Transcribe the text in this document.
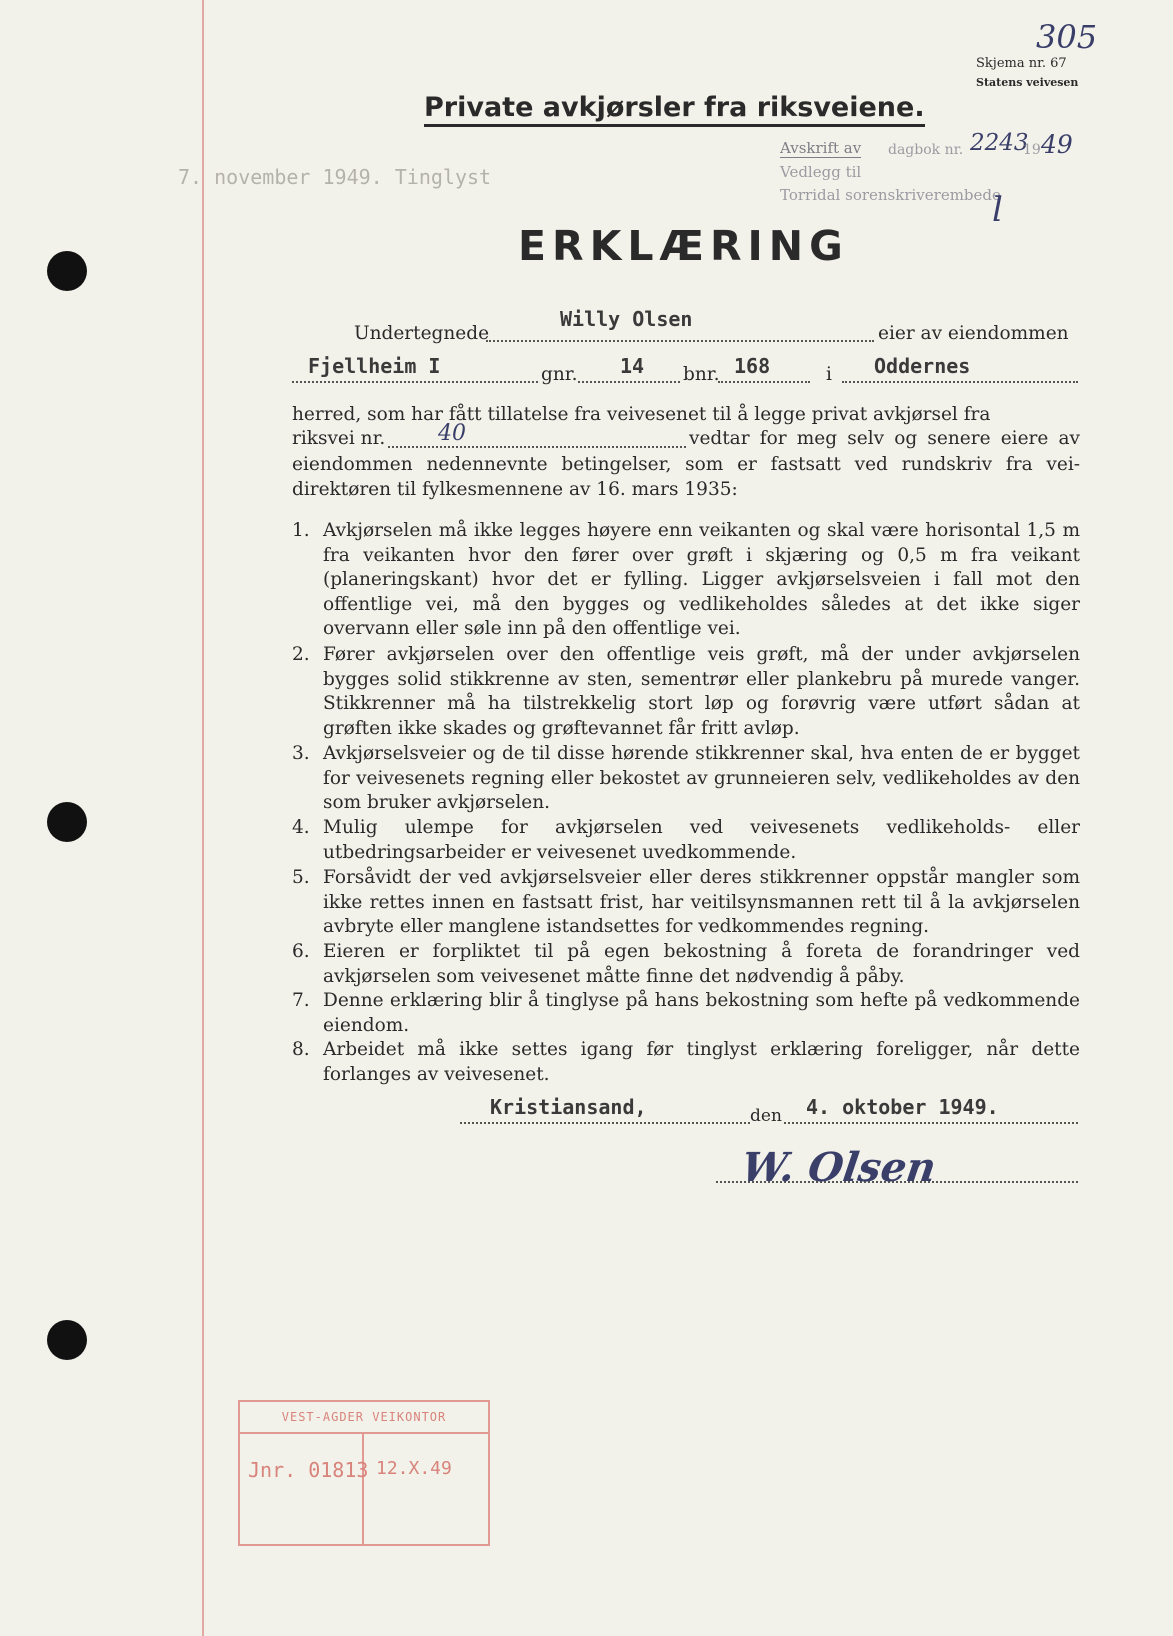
305
Skjema nr. 67
Statens veivesen
Private avkjørsler fra riksveiene.
7. november 1949. Tinglyst
Avskrift av dagbok nr. 2243
19 49
Vedlegg til
Torridal sorenskriverembede
l
ERKLÆRING
Undertegnede
Willy Olsen
eier av eiendommen
Fjellheim I	gnr. 14 bnr. 168	i Oddernes
herred, som har fått tillatelse fra veivesenet til å legge privat avkjørsel fra
riksvei nr. 40	vedtar for meg selv og senere eiere av
eiendommen nedennevnte betingelser, som er fastsatt ved rundskriv fra vei-
direktøren til fylkesmennene av 16. mars 1935:
1. Avkjørselen må ikke legges høyere enn veikanten og skal være horisontal 1,5 m fra veikanten hvor den fører over grøft i skjæring og 0,5 m fra veikant (planeringskant) hvor det er fylling. Ligger avkjørselsveien i fall mot den offentlige vei, må den bygges og vedlikeholdes således at det ikke siger overvann eller søle inn på den offentlige vei.
2. Fører avkjørselen over den offentlige veis grøft, må der under avkjørselen bygges solid stikkrenne av sten, sementrør eller plankebru på murede vanger. Stikkrenner må ha tilstrekkelig stort løp og forøvrig være utført sådan at grøften ikke skades og grøftevannet får fritt avløp.
3. Avkjørselsveier og de til disse hørende stikkrenner skal, hva enten de er bygget for veivesenets regning eller bekostet av grunneieren selv, vedlikeholdes av den som bruker avkjørselen.
4. Mulig ulempe for avkjørselen ved veivesenets vedlikeholds- eller utbedringsarbeider er veivesenet uvedkommende.
5. Forsåvidt der ved avkjørselsveier eller deres stikkrenner oppstår mangler som ikke rettes innen en fastsatt frist, har veitilsynsmannen rett til å la avkjørselen avbryte eller manglene istandsettes for vedkommendes regning.
6. Eieren er forpliktet til på egen bekostning å foreta de forandringer ved avkjørselen som veivesenet måtte finne det nødvendig å påby.
7. Denne erklæring blir å tinglyse på hans bekostning som hefte på vedkommende eiendom.
8. Arbeidet må ikke settes igang før tinglyst erklæring foreligger, når dette forlanges av veivesenet.
Kristiansand,	den 4. oktober 1949.
W. Olsen
VEST-AGDER VEIKONTOR
Jnr. 01813 12.X.49
